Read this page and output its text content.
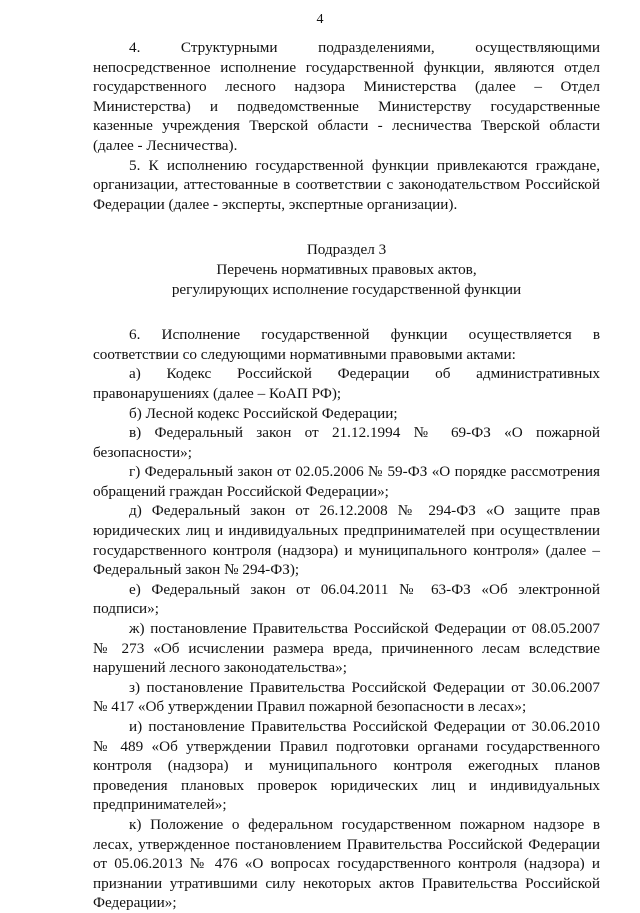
4

4. Структурными подразделениями, осуществляющими непосредственное исполнение государственной функции, являются отдел государственного лесного надзора Министерства (далее – Отдел Министерства) и подведомственные Министерству государственные казенные учреждения Тверской области - лесничества Тверской области (далее - Лесничества).

5. К исполнению государственной функции привлекаются граждане, организации, аттестованные в соответствии с законодательством Российской Федерации (далее - эксперты, экспертные организации).

Подраздел 3

Перечень нормативных правовых актов,

регулирующих исполнение государственной функции

6. Исполнение государственной функции осуществляется в соответствии со следующими нормативными правовыми актами:

а) Кодекс Российской Федерации об административных правонарушениях (далее – КоАП РФ);

б) Лесной кодекс Российской Федерации;

в) Федеральный закон от 21.12.1994 № 69-ФЗ «О пожарной безопасности»;

г) Федеральный закон от 02.05.2006 № 59-ФЗ «О порядке рассмотрения обращений граждан Российской Федерации»;

д) Федеральный закон от 26.12.2008 № 294-ФЗ «О защите прав юридических лиц и индивидуальных предпринимателей при осуществлении государственного контроля (надзора) и муниципального контроля» (далее – Федеральный закон № 294-ФЗ);

е) Федеральный закон от 06.04.2011 № 63-ФЗ «Об электронной подписи»;

ж) постановление Правительства Российской Федерации от 08.05.2007 № 273 «Об исчислении размера вреда, причиненного лесам вследствие нарушений лесного законодательства»;

з) постановление Правительства Российской Федерации от 30.06.2007 № 417 «Об утверждении Правил пожарной безопасности в лесах»;

и) постановление Правительства Российской Федерации от 30.06.2010 № 489 «Об утверждении Правил подготовки органами государственного контроля (надзора) и муниципального контроля ежегодных планов проведения плановых проверок юридических лиц и индивидуальных предпринимателей»;

к) Положение о федеральном государственном пожарном надзоре в лесах, утвержденное постановлением Правительства Российской Федерации от 05.06.2013 № 476 «О вопросах государственного контроля (надзора) и признании утратившими силу некоторых актов Правительства Российской Федерации»;
